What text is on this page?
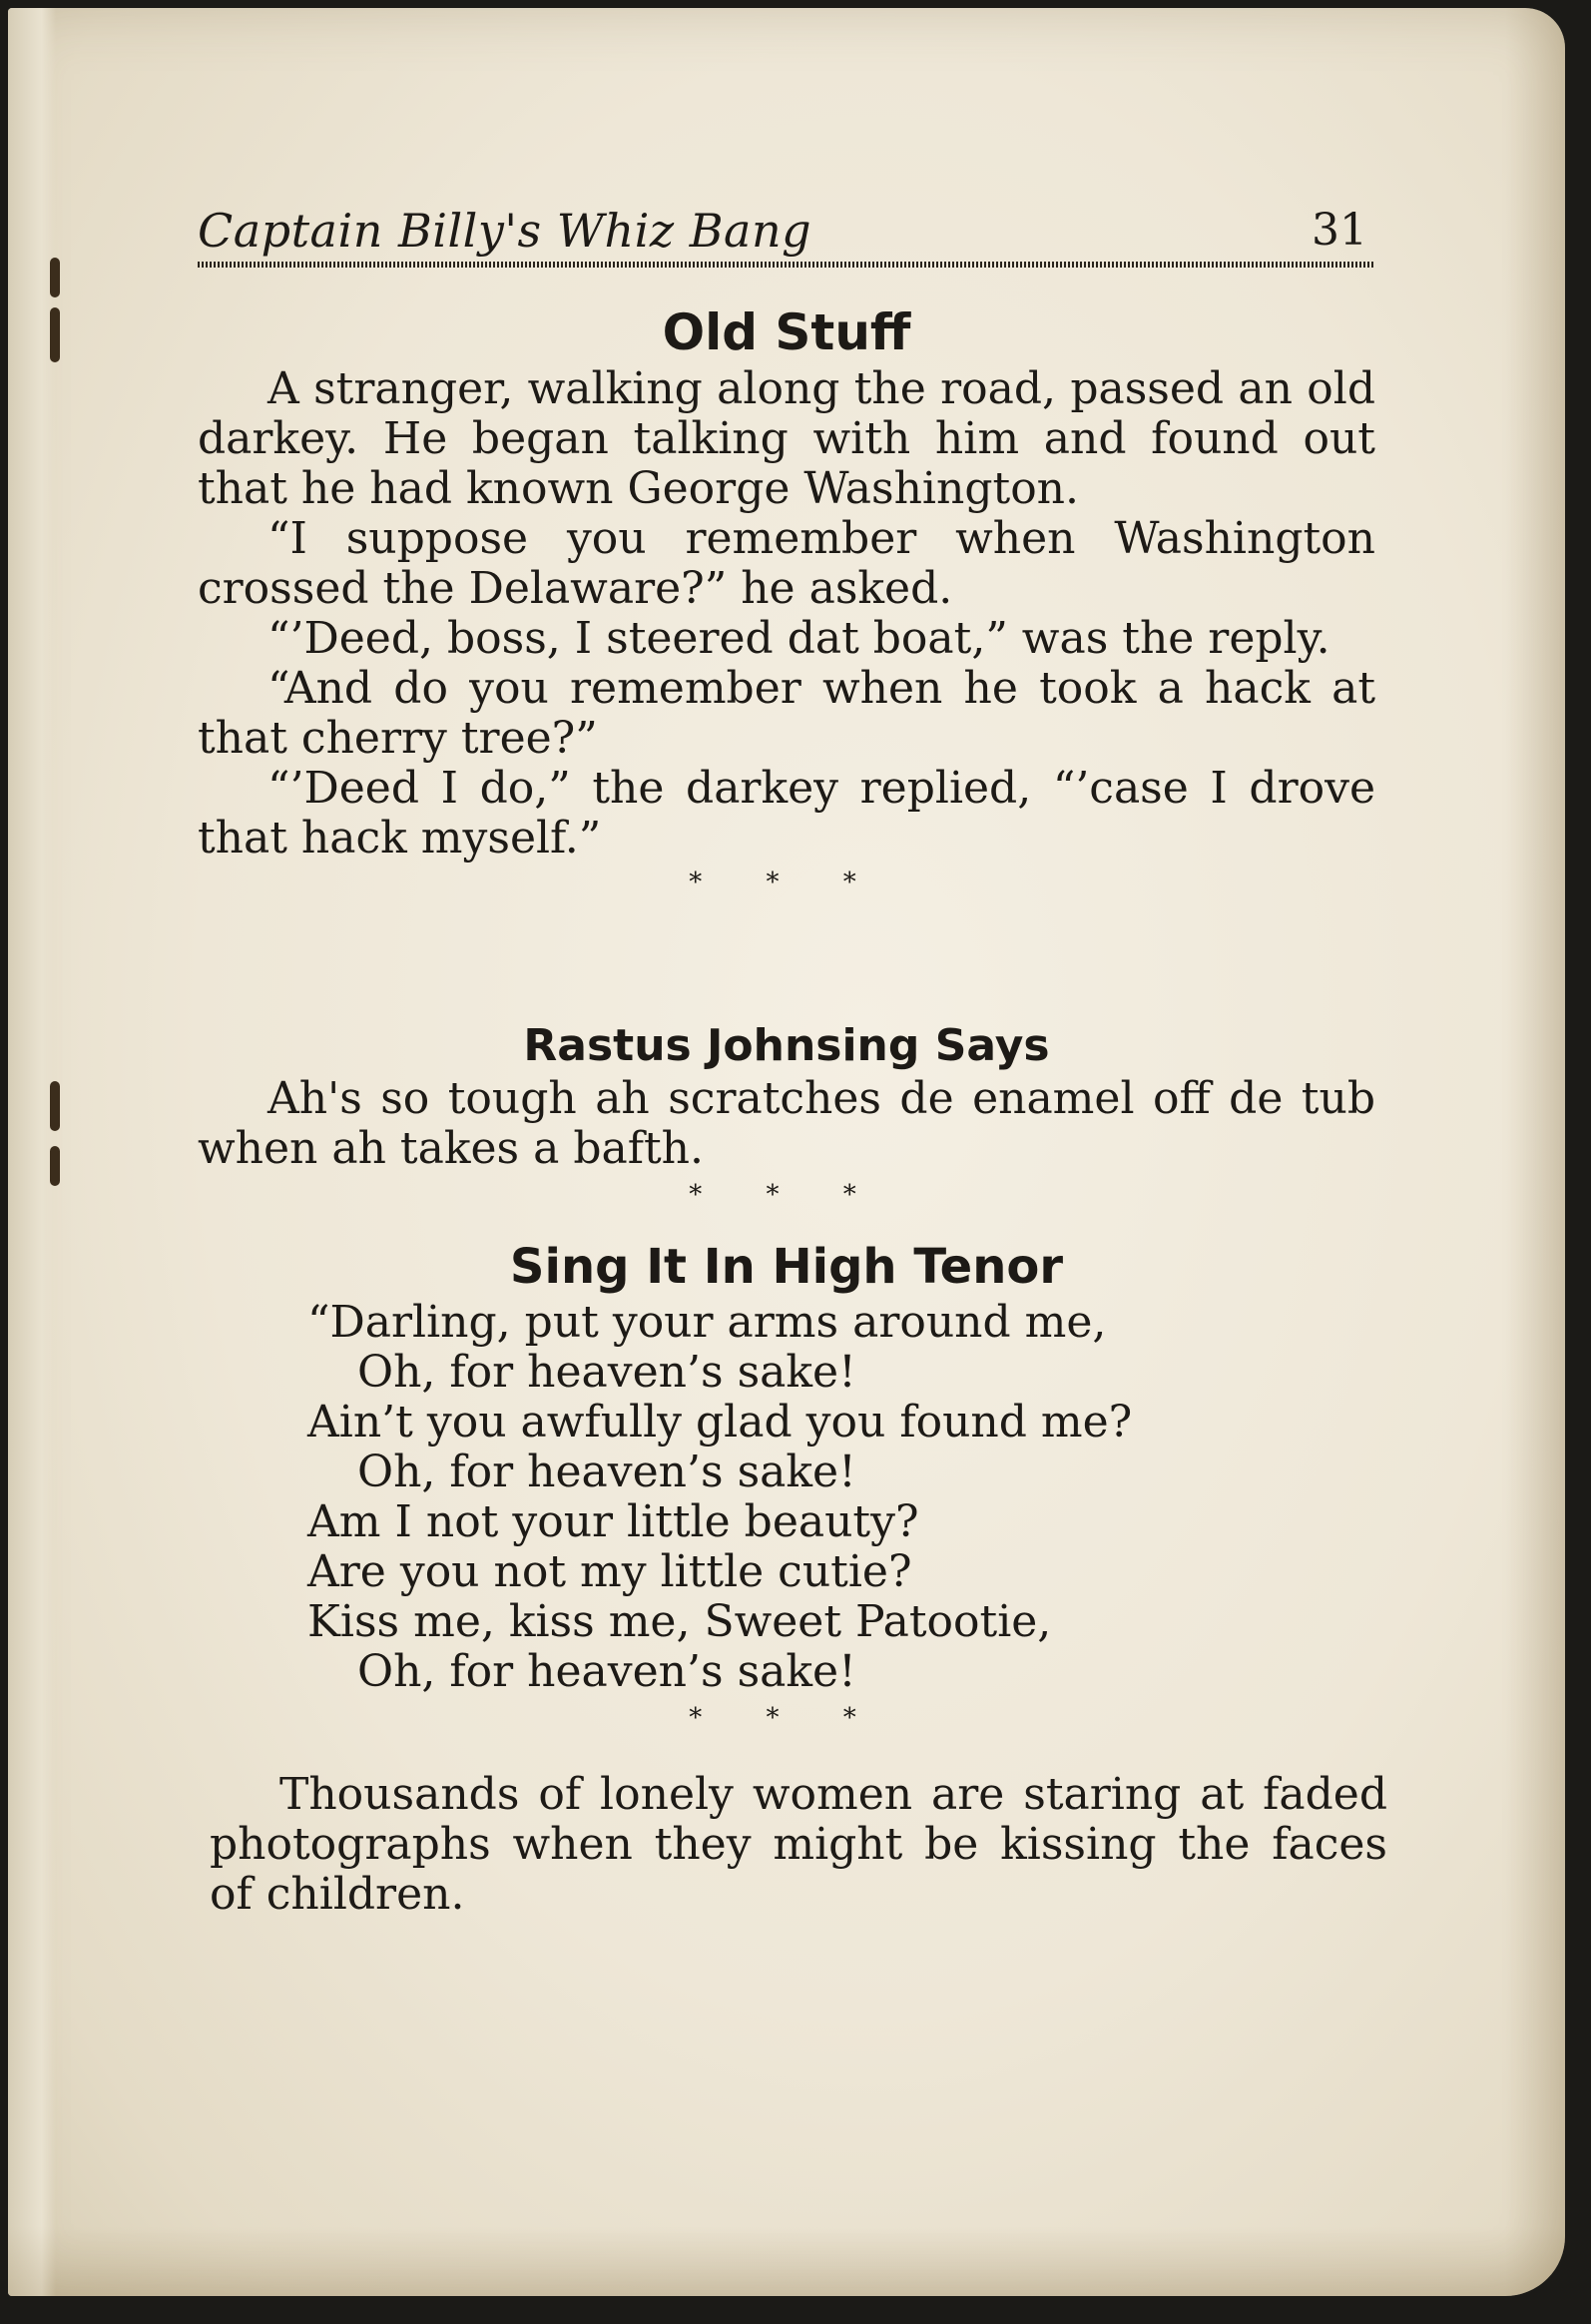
Captain Billy's Whiz Bang	31
Old Stuff

A stranger, walking along the road, passed an old darkey. He began talking with him and found out that he had known George Washington.

“I suppose you remember when Washington crossed the Delaware?” he asked.

“’Deed, boss, I steered dat boat,” was the reply.

“And do you remember when he took a hack at that cherry tree?”

“’Deed I do,” the darkey replied, “’case I drove that hack myself.”

* * *

Rastus Johnsing Says

Ah's so tough ah scratches de enamel off de tub when ah takes a bafth.

* * *

Sing It In High Tenor
“Darling, put your arms around me,
Oh, for heaven’s sake!
Ain’t you awfully glad you found me?
Oh, for heaven’s sake!
Am I not your little beauty?
Are you not my little cutie?
Kiss me, kiss me, Sweet Patootie,
Oh, for heaven’s sake!

* * *

Thousands of lonely women are staring at faded photographs when they might be kissing the faces of children.
